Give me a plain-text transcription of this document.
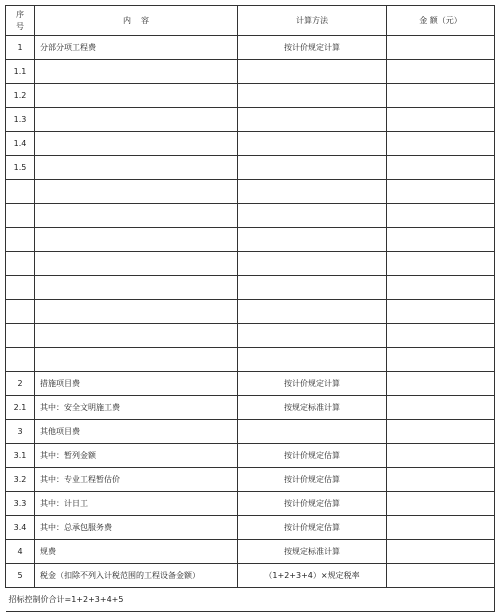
序
号	内容	计算方法	金 额（元）
1	分部分项工程费	按计价规定计算	
1.1			
1.2			
1.3			
1.4			
1.5			

2	措施项目费	按计价规定计算	
2.1	其中：安全文明施工费	按规定标准计算	
3	其他项目费		
3.1	其中：暂列金额	按计价规定估算	
3.2	其中：专业工程暂估价	按计价规定估算	
3.3	其中：计日工	按计价规定估算	
3.4	其中：总承包服务费	按计价规定估算	
4	规费	按规定标准计算	
5	税金（扣除不列入计税范围的工程设备金额）	（1+2+3+4）×规定税率	
招标控制价合计=1+2+3+4+5			
